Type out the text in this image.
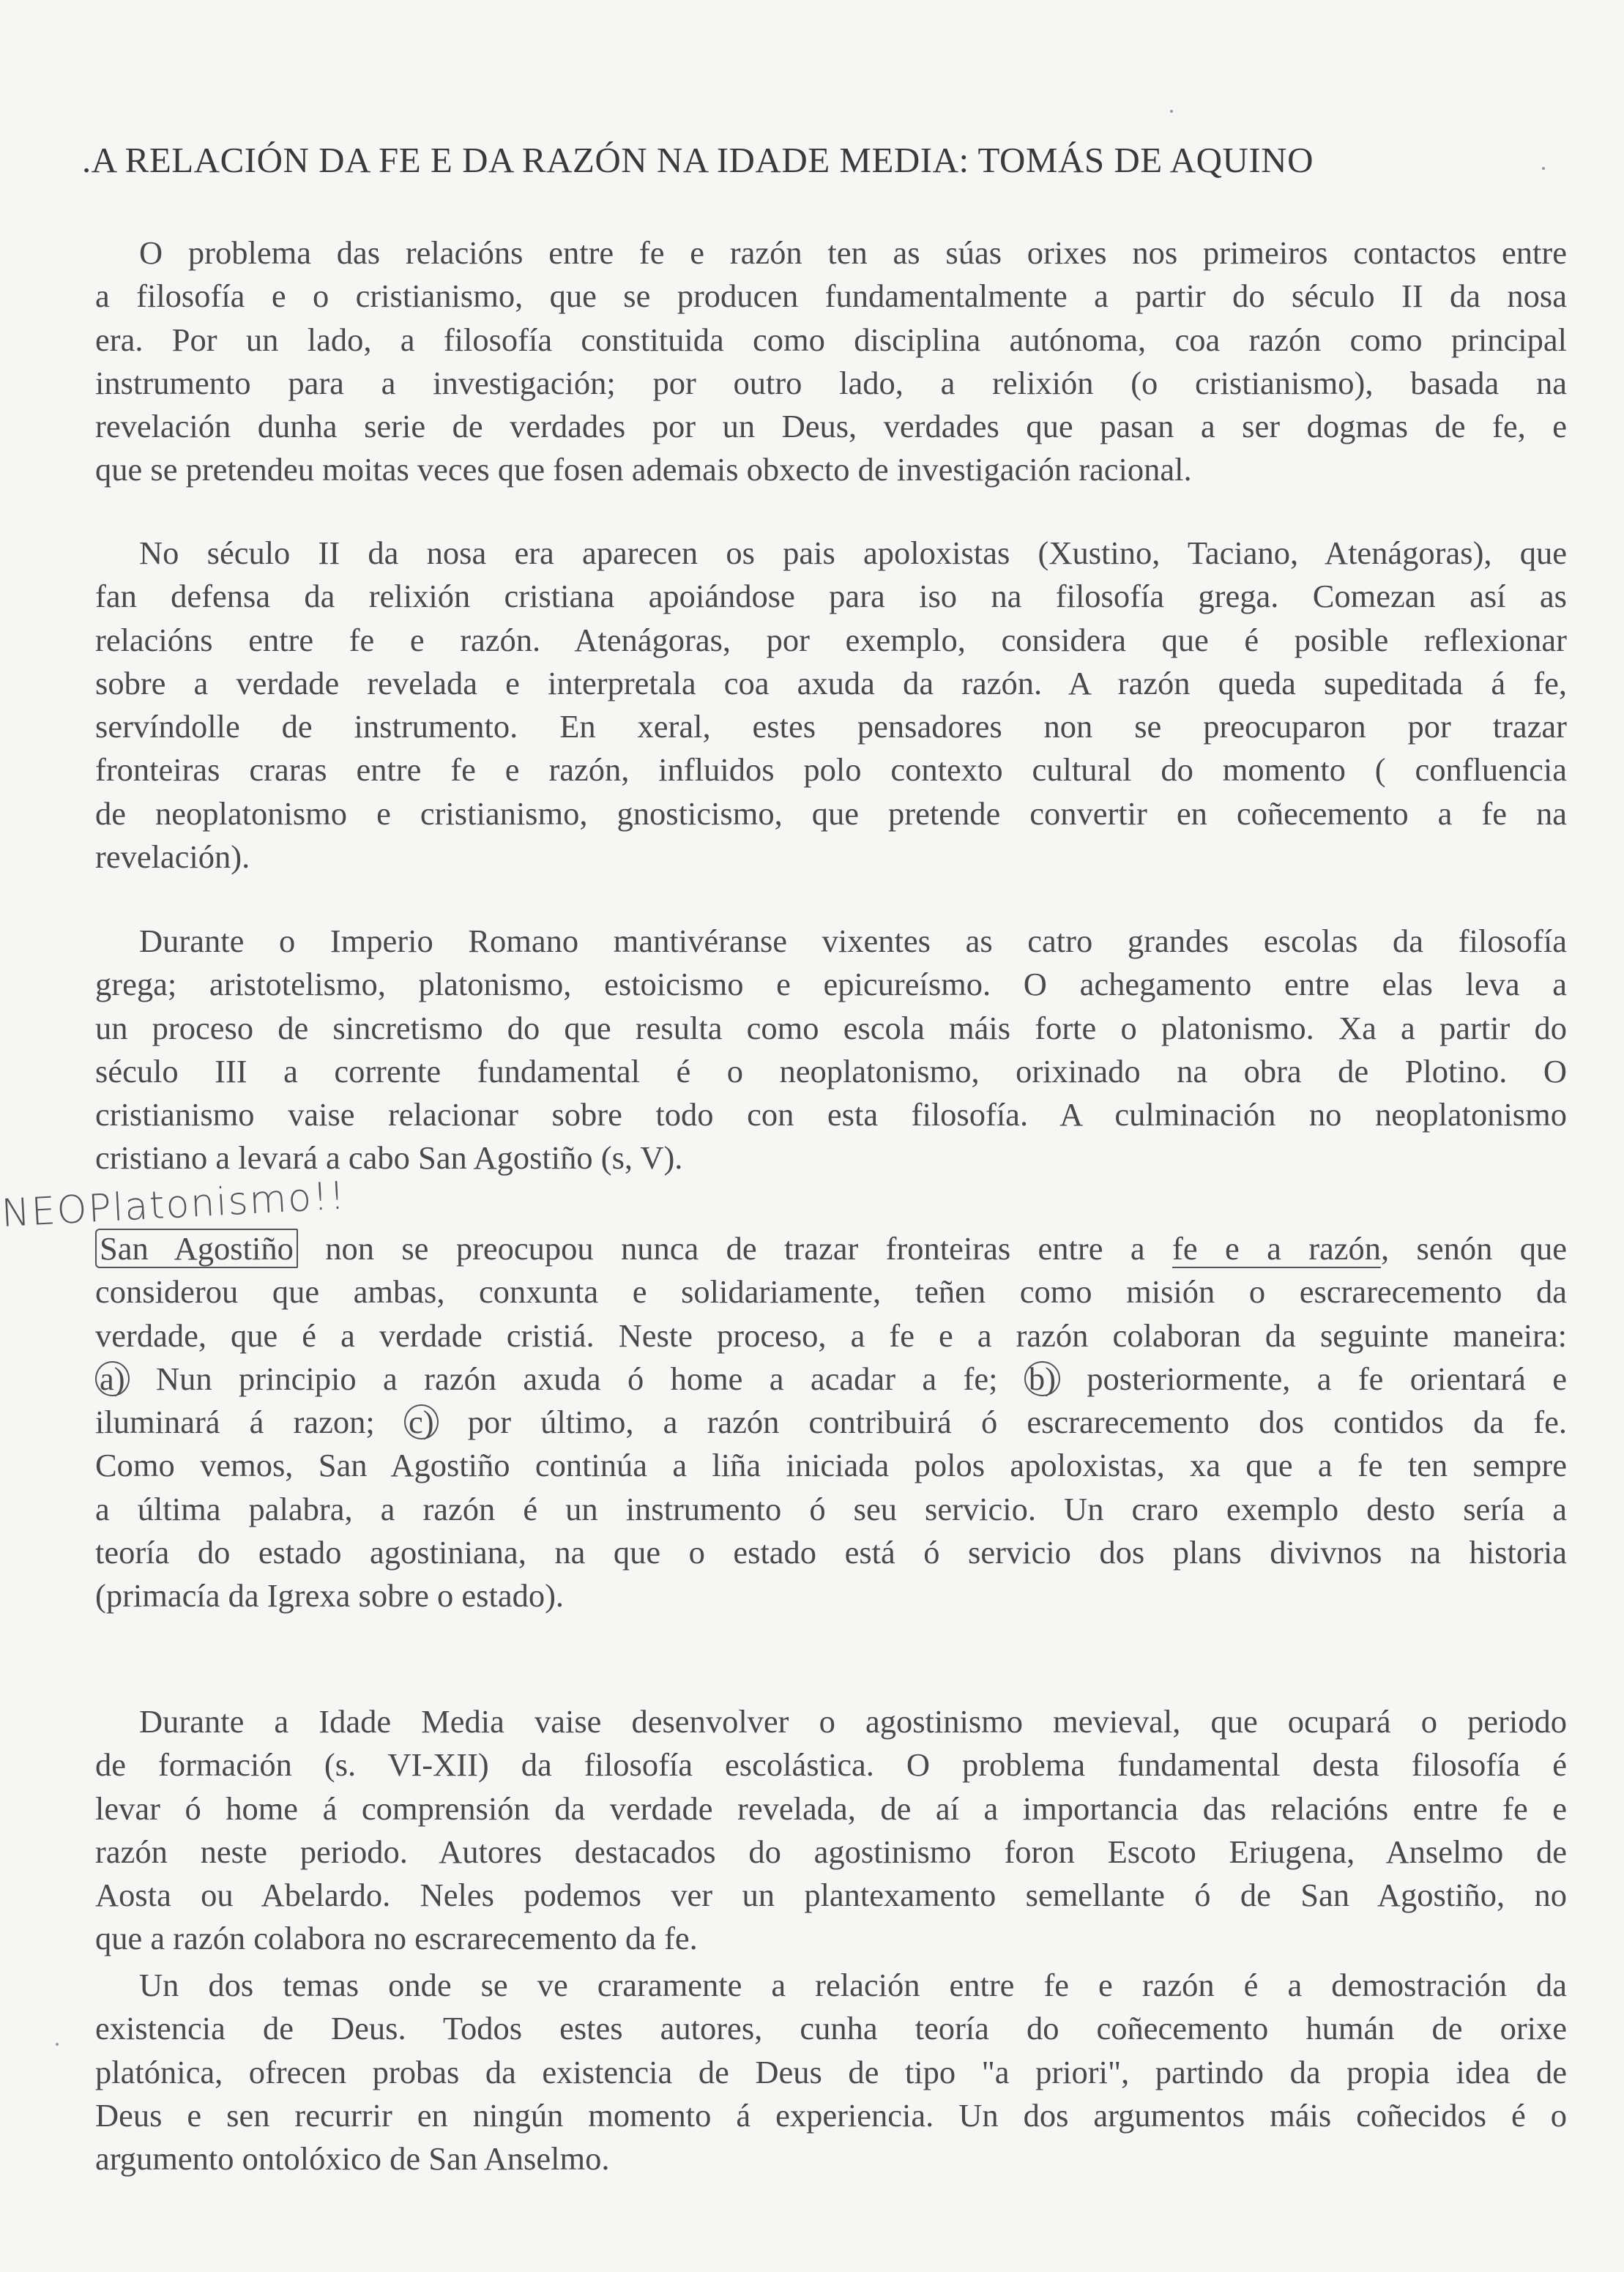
.A RELACIÓN DA FE E DA RAZÓN NA IDADE MEDIA: TOMÁS DE AQUINO
O problema das relacións entre fe e razón ten as súas orixes nos primeiros contactos entre
a filosofía e o cristianismo, que se producen fundamentalmente a partir do século II da nosa
era. Por un lado, a filosofía constituida como disciplina autónoma, coa razón como principal
instrumento para a investigación; por outro lado, a relixión (o cristianismo), basada na
revelación dunha serie de verdades por un Deus, verdades que pasan a ser dogmas de fe, e
que se pretendeu moitas veces que fosen ademais obxecto de investigación racional.
No século II da nosa era aparecen os pais apoloxistas (Xustino, Taciano, Atenágoras), que
fan defensa da relixión cristiana apoiándose para iso na filosofía grega. Comezan así as
relacións entre fe e razón. Atenágoras, por exemplo, considera que é posible reflexionar
sobre a verdade revelada e interpretala coa axuda da razón. A razón queda supeditada á fe,
servíndolle de instrumento. En xeral, estes pensadores non se preocuparon por trazar
fronteiras craras entre fe e razón, influidos polo contexto cultural do momento ( confluencia
de neoplatonismo e cristianismo, gnosticismo, que pretende convertir en coñecemento a fe na
revelación).
Durante o Imperio Romano mantivéranse vixentes as catro grandes escolas da filosofía
grega; aristotelismo, platonismo, estoicismo e epicureísmo. O achegamento entre elas leva a
un proceso de sincretismo do que resulta como escola máis forte o platonismo. Xa a partir do
século III a corrente fundamental é o neoplatonismo, orixinado na obra de Plotino. O
cristianismo vaise relacionar sobre todo con esta filosofía. A culminación no neoplatonismo
cristiano a levará a cabo San Agostiño (s, V).
NEOPlatonismo!!
San Agostiño non se preocupou nunca de trazar fronteiras entre a fe e a razón, senón que
considerou que ambas, conxunta e solidariamente, teñen como misión o escrarecemento da
verdade, que é a verdade cristiá. Neste proceso, a fe e a razón colaboran da seguinte maneira:
a) Nun principio a razón axuda ó home a acadar a fe; b) posteriormente, a fe orientará e
iluminará á razon; c) por último, a razón contribuirá ó escrarecemento dos contidos da fe.
Como vemos, San Agostiño continúa a liña iniciada polos apoloxistas, xa que a fe ten sempre
a última palabra, a razón é un instrumento ó seu servicio. Un craro exemplo desto sería a
teoría do estado agostiniana, na que o estado está ó servicio dos plans divivnos na historia
(primacía da Igrexa sobre o estado).
Durante a Idade Media vaise desenvolver o agostinismo mevieval, que ocupará o periodo
de formación (s. VI-XII) da filosofía escolástica. O problema fundamental desta filosofía é
levar ó home á comprensión da verdade revelada, de aí a importancia das relacións entre fe e
razón neste periodo. Autores destacados do agostinismo foron Escoto Eriugena, Anselmo de
Aosta ou Abelardo. Neles podemos ver un plantexamento semellante ó de San Agostiño, no
que a razón colabora no escrarecemento da fe.
Un dos temas onde se ve craramente a relación entre fe e razón é a demostración da
existencia de Deus. Todos estes autores, cunha teoría do coñecemento humán de orixe
platónica, ofrecen probas da existencia de Deus de tipo "a priori", partindo da propia idea de
Deus e sen recurrir en ningún momento á experiencia. Un dos argumentos máis coñecidos é o
argumento ontolóxico de San Anselmo.
